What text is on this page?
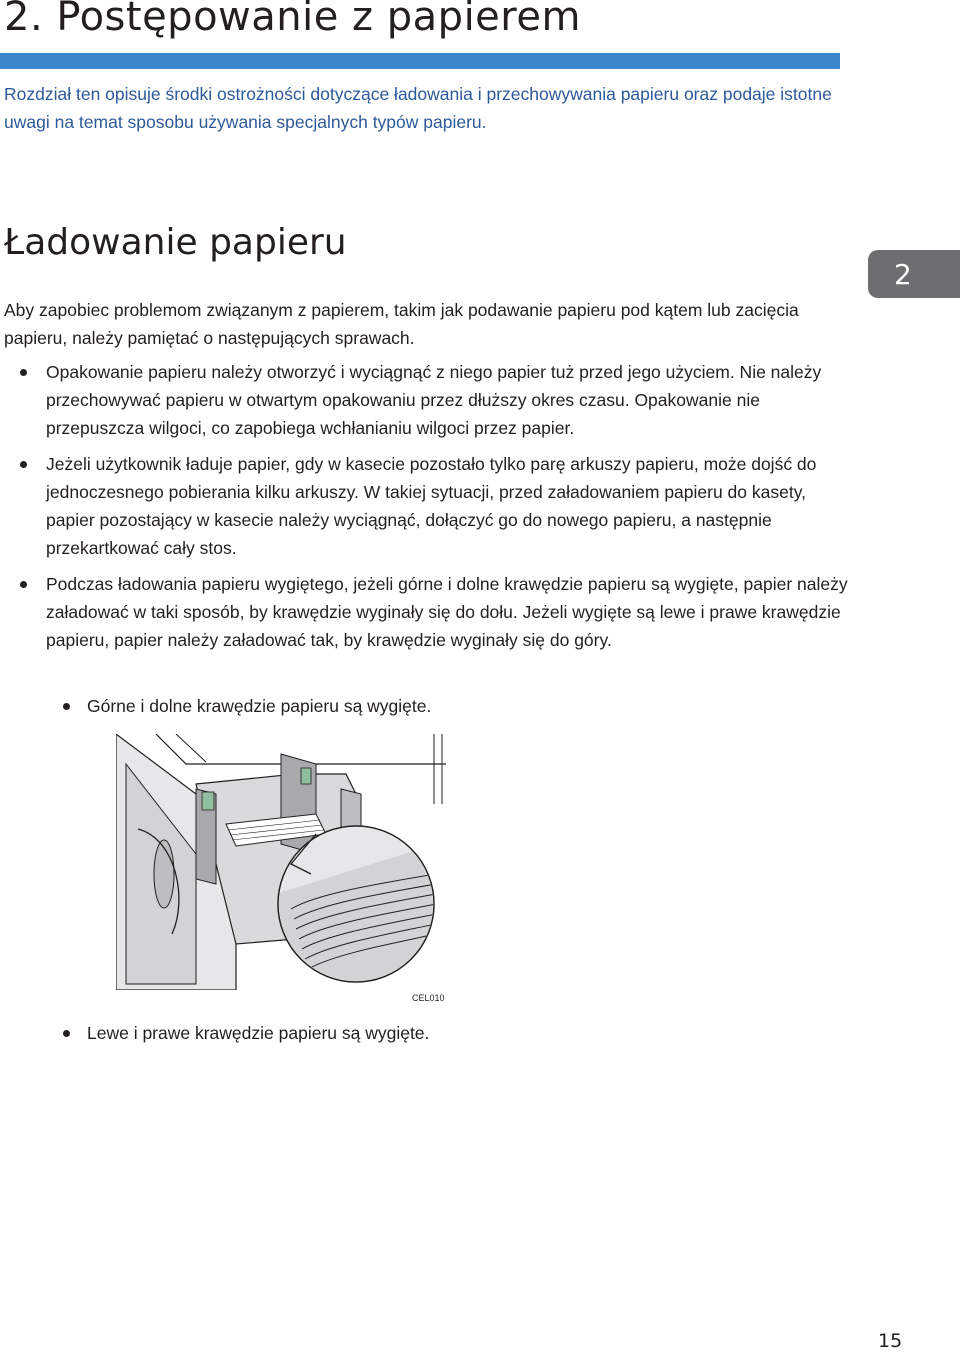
2. Postępowanie z papierem

Rozdział ten opisuje środki ostrożności dotyczące ładowania i przechowywania papieru oraz podaje istotne uwagi na temat sposobu używania specjalnych typów papieru.

Ładowanie papieru
2

Aby zapobiec problemom związanym z papierem, takim jak podawanie papieru pod kątem lub zacięcia papieru, należy pamiętać o następujących sprawach.

Opakowanie papieru należy otworzyć i wyciągnąć z niego papier tuż przed jego użyciem. Nie należy przechowywać papieru w otwartym opakowaniu przez dłuższy okres czasu. Opakowanie nie przepuszcza wilgoci, co zapobiega wchłanianiu wilgoci przez papier.
Jeżeli użytkownik ładuje papier, gdy w kasecie pozostało tylko parę arkuszy papieru, może dojść do jednoczesnego pobierania kilku arkuszy. W takiej sytuacji, przed załadowaniem papieru do kasety, papier pozostający w kasecie należy wyciągnąć, dołączyć go do nowego papieru, a następnie przekartkować cały stos.
Podczas ładowania papieru wygiętego, jeżeli górne i dolne krawędzie papieru są wygięte, papier należy załadować w taki sposób, by krawędzie wyginały się do dołu. Jeżeli wygięte są lewe i prawe krawędzie papieru, papier należy załadować tak, by krawędzie wyginały się do góry.
Górne i dolne krawędzie papieru są wygięte.
CEL010
Lewe i prawe krawędzie papieru są wygięte.
15
